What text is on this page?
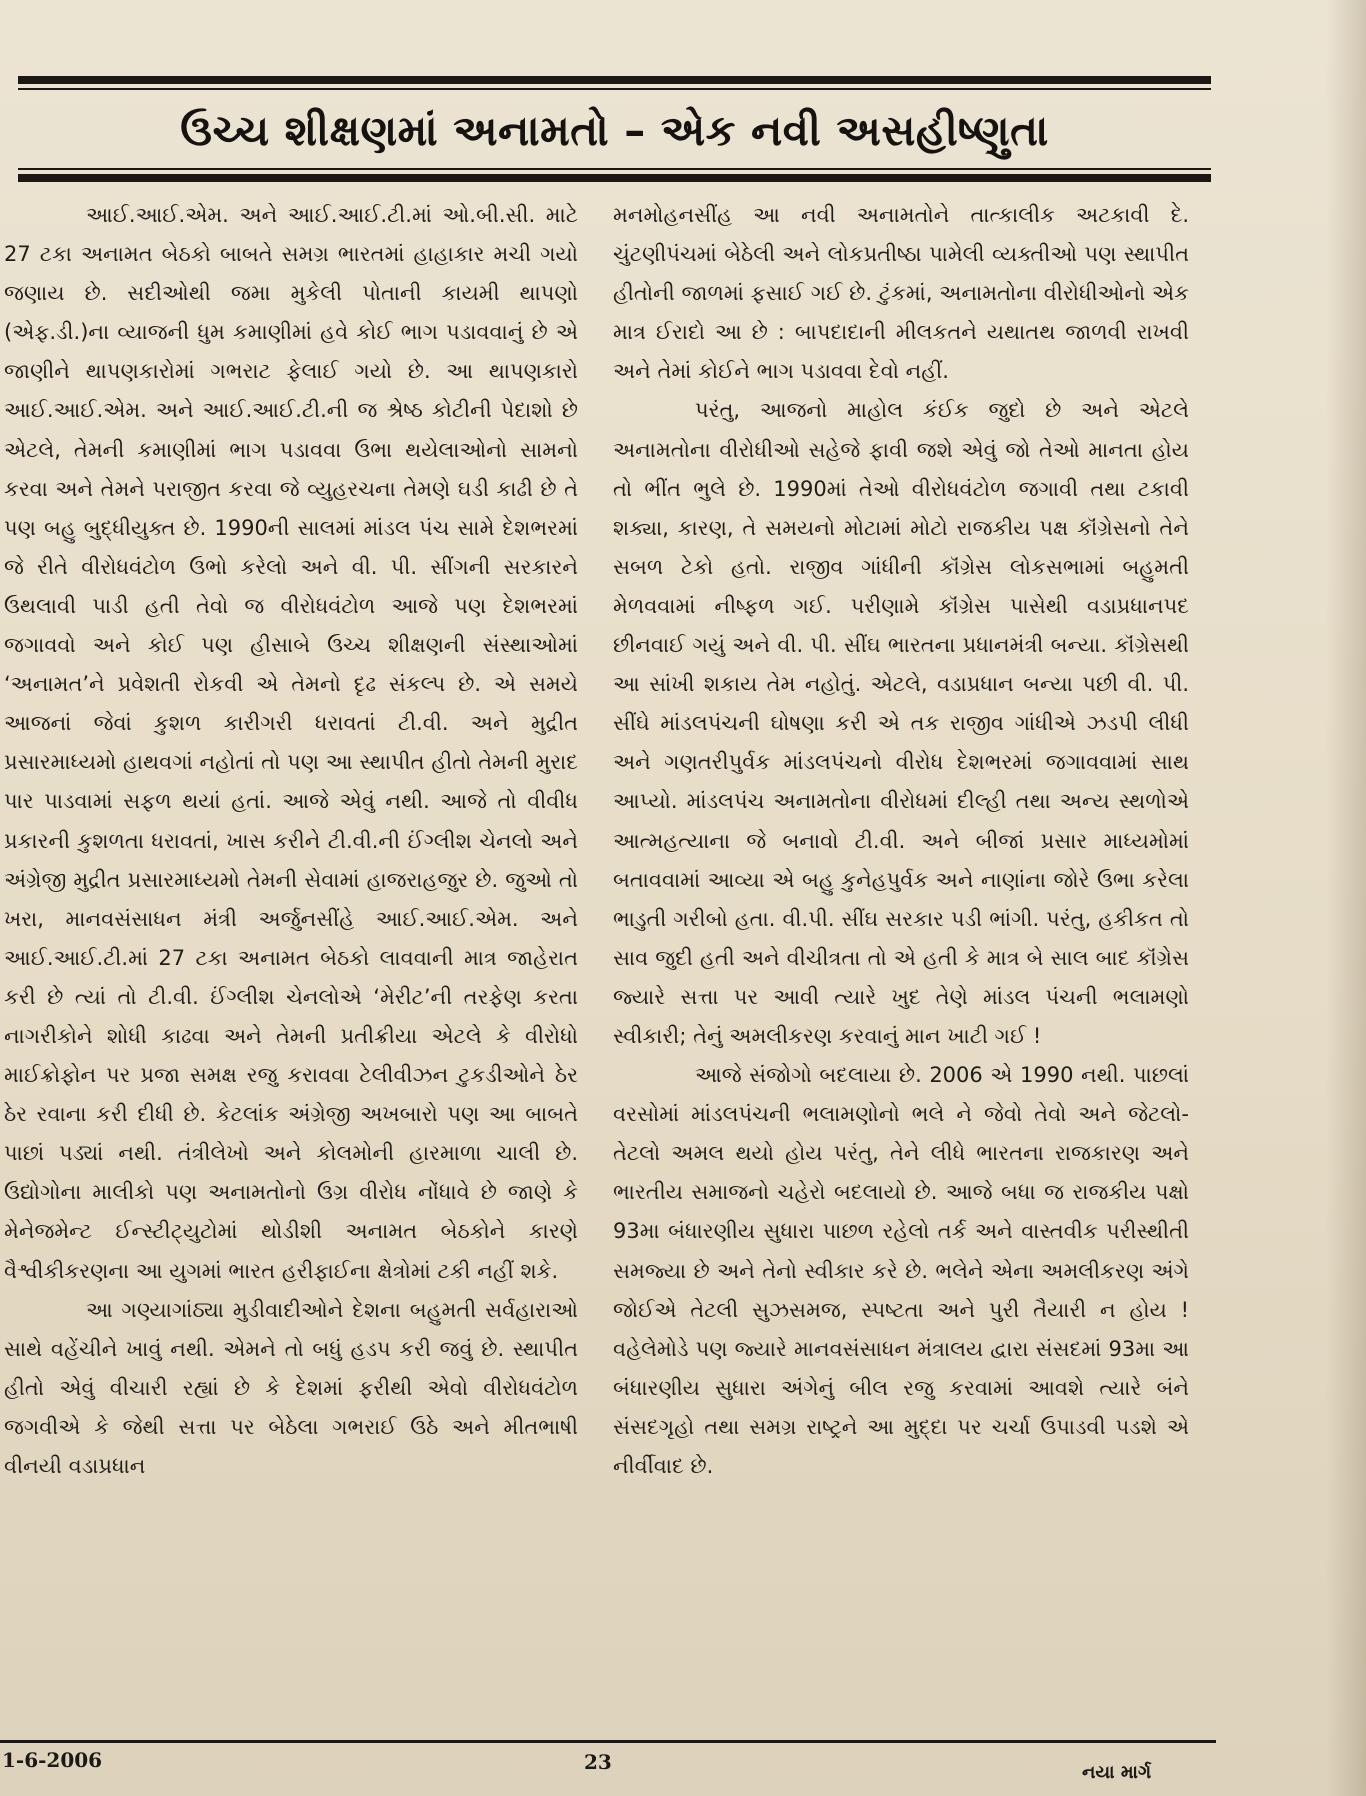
ઉચ્ચ શીક્ષણમાં અનામતો – એક નવી અસહીષ્ણુતા

આઈ.આઈ.એમ. અને આઈ.આઈ.ટી.માં ઓ.બી.સી. માટે 27 ટકા અનામત બેઠકો બાબતે સમગ્ર ભારતમાં હાહાકાર મચી ગયો જણાય છે. સદીઓથી જમા મુકેલી પોતાની કાયમી થાપણો (એફ.ડી.)ના વ્યાજની ધુમ કમાણીમાં હવે કોઈ ભાગ પડાવવાનું છે એ જાણીને થાપણકારોમાં ગભરાટ ફેલાઈ ગયો છે. આ થાપણકારો આઈ.આઈ.એમ. અને આઈ.આઈ.ટી.ની જ શ્રેષ્ઠ કોટીની પેદાશો છે એટલે, તેમની કમાણીમાં ભાગ પડાવવા ઉભા થયેલાઓનો સામનો કરવા અને તેમને પરાજીત કરવા જે વ્યુહરચના તેમણે ઘડી કાઢી છે તે પણ બહુ બુદ્ધીયુક્ત છે. 1990ની સાલમાં માંડલ પંચ સામે દેશભરમાં જે રીતે વીરોધવંટોળ ઉભો કરેલો અને વી. પી. સીંગની સરકારને ઉથલાવી પાડી હતી તેવો જ વીરોધવંટોળ આજે પણ દેશભરમાં જગાવવો અને કોઈ પણ હીસાબે ઉચ્ચ શીક્ષણની સંસ્થાઓમાં ‘અનામત’ને પ્રવેશતી રોકવી એ તેમનો દૃઢ સંકલ્પ છે. એ સમયે આજનાં જેવાં કુશળ કારીગરી ધરાવતાં ટી.વી. અને મુદ્રીત પ્રસારમાધ્યમો હાથવગાં નહોતાં તો પણ આ સ્થાપીત હીતો તેમની મુરાદ પાર પાડવામાં સફળ થયાં હતાં. આજે એવું નથી. આજે તો વીવીધ પ્રકારની કુશળતા ધરાવતાં, ખાસ કરીને ટી.વી.ની ઈંગ્લીશ ચેનલો અને અંગ્રેજી મુદ્રીત પ્રસારમાધ્યમો તેમની સેવામાં હાજરાહજુર છે. જુઓ તો ખરા, માનવસંસાધન મંત્રી અર્જુનસીંહે આઈ.આઈ.એમ. અને આઈ.આઈ.ટી.માં 27 ટકા અનામત બેઠકો લાવવાની માત્ર જાહેરાત કરી છે ત્યાં તો ટી.વી. ઈંગ્લીશ ચેનલોએ ‘મેરીટ’ની તરફેણ કરતા નાગરીકોને શોધી કાઢવા અને તેમની પ્રતીક્રીયા એટલે કે વીરોધો માઈક્રોફોન પર પ્રજા સમક્ષ રજુ કરાવવા ટેલીવીઝન ટુકડીઓને ઠેર ઠેર રવાના કરી દીધી છે. કેટલાંક અંગ્રેજી અખબારો પણ આ બાબતે પાછાં પડ્યાં નથી. તંત્રીલેખો અને કોલમોની હારમાળા ચાલી છે. ઉદ્યોગોના માલીકો પણ અનામતોનો ઉગ્ર વીરોધ નોંધાવે છે જાણે કે મેનેજમેન્ટ ઈન્સ્ટીટ્યુટોમાં થોડીશી અનામત બેઠકોને કારણે વૈશ્વીકીકરણના આ યુગમાં ભારત હરીફાઈના ક્ષેત્રોમાં ટકી નહીં શકે.

આ ગણ્યાગાંઠ્યા મુડીવાદીઓને દેશના બહુમતી સર્વહારાઓ સાથે વહેંચીને ખાવું નથી. એમને તો બધું હડપ કરી જવું છે. સ્થાપીત હીતો એવું વીચારી રહ્યાં છે કે દેશમાં ફરીથી એવો વીરોધવંટોળ જગવીએ કે જેથી સત્તા પર બેઠેલા ગભરાઈ ઉઠે અને મીતભાષી વીનયી વડાપ્રધાન

મનમોહનસીંહ આ નવી અનામતોને તાત્કાલીક અટકાવી દે. ચુંટણીપંચમાં બેઠેલી અને લોકપ્રતીષ્ઠા પામેલી વ્યક્તીઓ પણ સ્થાપીત હીતોની જાળમાં ફસાઈ ગઈ છે. ટુંકમાં, અનામતોના વીરોધીઓનો એક માત્ર ઈરાદો આ છે : બાપદાદાની મીલકતને યથાતથ જાળવી રાખવી અને તેમાં કોઈને ભાગ પડાવવા દેવો નહીં.

પરંતુ, આજનો માહોલ કંઈક જુદો છે અને એટલે અનામતોના વીરોધીઓ સહેજે ફાવી જશે એવું જો તેઓ માનતા હોય તો ભીંત ભુલે છે. 1990માં તેઓ વીરોધવંટોળ જગાવી તથા ટકાવી શક્યા, કારણ, તે સમયનો મોટામાં મોટો રાજકીય પક્ષ કૉંગ્રેસનો તેને સબળ ટેકો હતો. રાજીવ ગાંધીની કૉંગ્રેસ લોકસભામાં બહુમતી મેળવવામાં નીષ્ફળ ગઈ. પરીણામે કૉંગ્રેસ પાસેથી વડાપ્રધાનપદ છીનવાઈ ગયું અને વી. પી. સીંઘ ભારતના પ્રધાનમંત્રી બન્યા. કૉંગ્રેસથી આ સાંખી શકાય તેમ નહોતું. એટલે, વડાપ્રધાન બન્યા પછી વી. પી. સીંઘે માંડલપંચની ઘોષણા કરી એ તક રાજીવ ગાંધીએ ઝડપી લીધી અને ગણતરીપુર્વક માંડલપંચનો વીરોધ દેશભરમાં જગાવવામાં સાથ આપ્યો. માંડલપંચ અનામતોના વીરોધમાં દીલ્હી તથા અન્ય સ્થળોએ આત્મહત્યાના જે બનાવો ટી.વી. અને બીજાં પ્રસાર માધ્યમોમાં બતાવવામાં આવ્યા એ બહુ કુનેહપુર્વક અને નાણાંના જોરે ઉભા કરેલા ભાડુતી ગરીબો હતા. વી.પી. સીંઘ સરકાર પડી ભાંગી. પરંતુ, હકીકત તો સાવ જુદી હતી અને વીચીત્રતા તો એ હતી કે માત્ર બે સાલ બાદ કૉંગ્રેસ જ્યારે સત્તા પર આવી ત્યારે ખુદ તેણે માંડલ પંચની ભલામણો સ્વીકારી; તેનું અમલીકરણ કરવાનું માન ખાટી ગઈ !

આજે સંજોગો બદલાયા છે. 2006 એ 1990 નથી. પાછલાં વરસોમાં માંડલપંચની ભલામણોનો ભલે ને જેવો તેવો અને જેટલો-તેટલો અમલ થયો હોય પરંતુ, તેને લીધે ભારતના રાજકારણ અને ભારતીય સમાજનો ચહેરો બદલાયો છે. આજે બધા જ રાજકીય પક્ષો 93મા બંધારણીય સુધારા પાછળ રહેલો તર્ક અને વાસ્તવીક પરીસ્થીતી સમજ્યા છે અને તેનો સ્વીકાર કરે છે. ભલેને એના અમલીકરણ અંગે જોઈએ તેટલી સુઝસમજ, સ્પષ્ટતા અને પુરી તૈયારી ન હોય ! વહેલેમોડે પણ જ્યારે માનવસંસાધન મંત્રાલય દ્વારા સંસદમાં 93મા આ બંધારણીય સુધારા અંગેનું બીલ રજુ કરવામાં આવશે ત્યારે બંને સંસદગૃહો તથા સમગ્ર રાષ્ટ્રને આ મુદ્દા પર ચર્ચા ઉપાડવી પડશે એ નીર્વીવાદ છે.

1-6-2006	23	નયા માર્ગ
